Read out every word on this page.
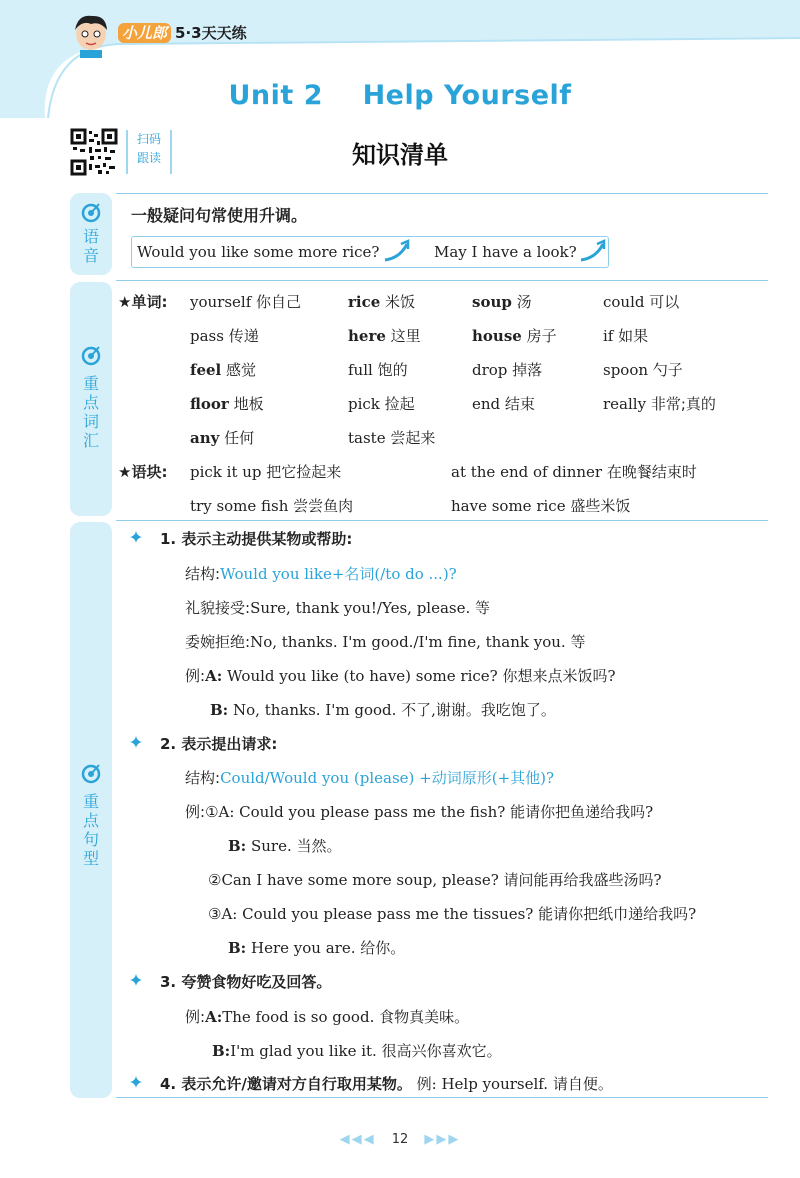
小儿郎 5·3天天练
Unit 2    Help Yourself
扫码
跟读	知识清单
语
音
重
点
词
汇
重
点
句
型
一般疑问句常使用升调。
Would you like some more rice?	May I have a look?
★单词: yourself 你自己	rice 米饭	soup 汤	could 可以
pass 传递	here 这里	house 房子	if 如果
feel 感觉	full 饱的	drop 掉落	spoon 勺子
floor 地板	pick 捡起	end 结束	really 非常;真的
any 任何	taste 尝起来
★语块: pick it up 把它捡起来	at the end of dinner 在晚餐结束时
try some fish 尝尝鱼肉	have some rice 盛些米饭
1. 表示主动提供某物或帮助:
结构:Would you like+名词(/to do ...)?
礼貌接受:Sure, thank you!/Yes, please. 等
委婉拒绝:No, thanks. I'm good./I'm fine, thank you. 等
例:A: Would you like (to have) some rice? 你想来点米饭吗?
B: No, thanks. I'm good. 不了,谢谢。我吃饱了。
2. 表示提出请求:
结构:Could/Would you (please) +动词原形(+其他)?
例:①A: Could you please pass me the fish? 能请你把鱼递给我吗?
B: Sure. 当然。
②Can I have some more soup, please? 请问能再给我盛些汤吗?
③A: Could you please pass me the tissues? 能请你把纸巾递给我吗?
B: Here you are. 给你。
3. 夸赞食物好吃及回答。
例:A:The food is so good. 食物真美味。
B:I'm glad you like it. 很高兴你喜欢它。
4. 表示允许/邀请对方自行取用某物。 例: Help yourself. 请自便。
◀◀◀ 12 ▶▶▶
